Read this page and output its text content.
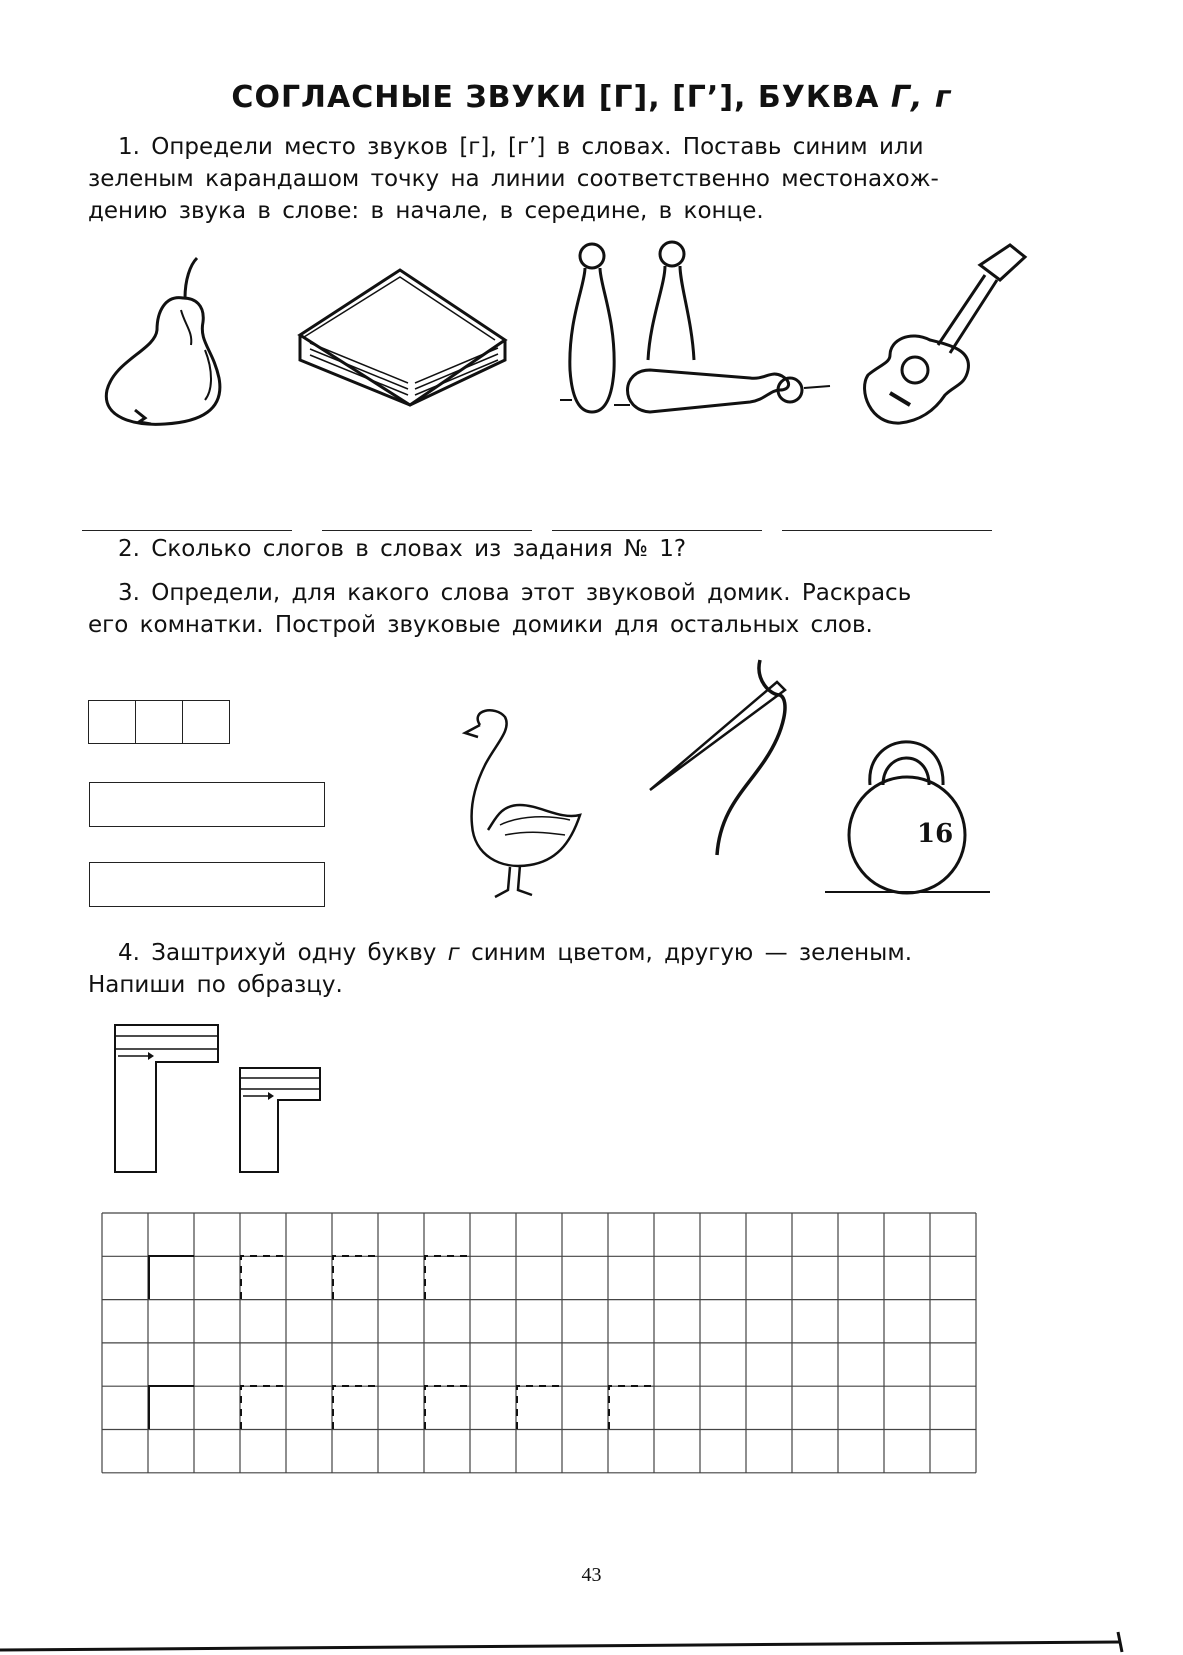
СОГЛАСНЫЕ ЗВУКИ [Г], [Г’], БУКВА Г, г
1. Определи место звуков [г], [г’] в словах. Поставь синим или
зеленым карандашом точку на линии соответственно местонахож-
дению звука в слове: в начале, в середине, в конце.
2. Сколько слогов в словах из задания № 1?
3. Определи, для какого слова этот звуковой домик. Раскрась
его комнатки. Построй звуковые домики для остальных слов.
16
4. Заштрихуй одну букву г синим цветом, другую — зеленым.
Напиши по образцу.
43
